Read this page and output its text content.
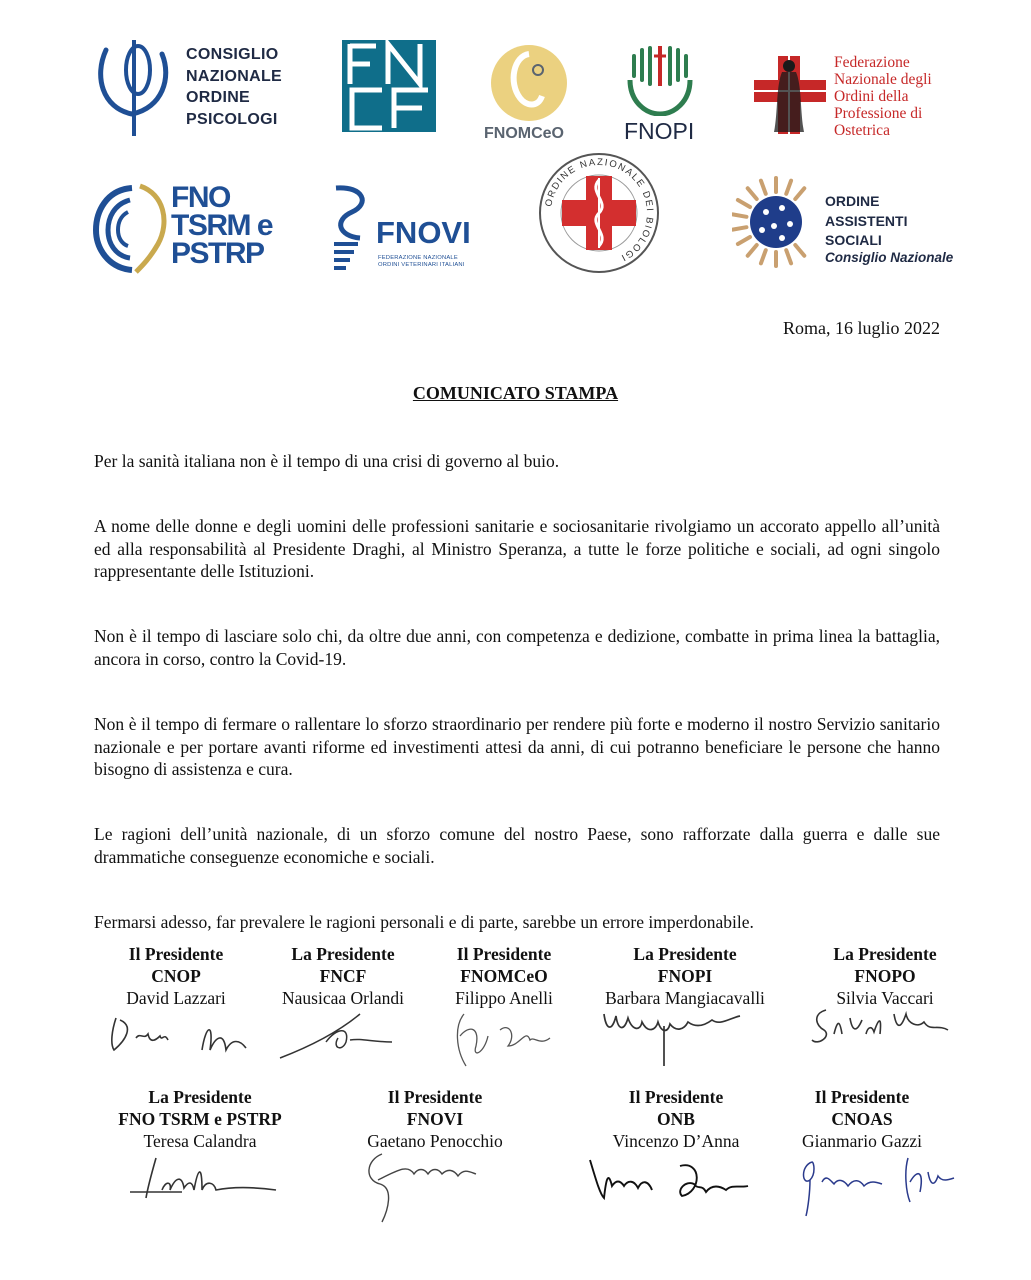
CONSIGLIO
NAZIONALE
ORDINE
PSICOLOGI
FNOMCeO	FNOPI
Federazione
Nazionale degli
Ordini della
Professione di
Ostetrica
FNO
TSRM e
PSTRP
FNOVI
FEDERAZIONE NAZIONALE
ORDINI VETERINARI ITALIANI
ORDINE NAZIONALE DEI BIOLOGI
ORDINE
ASSISTENTI
SOCIALI
Consiglio Nazionale
Roma, 16 luglio 2022
COMUNICATO STAMPA

Per la sanità italiana non è il tempo di una crisi di governo al buio.

A nome delle donne e degli uomini delle professioni sanitarie e sociosanitarie rivolgiamo un accorato appello all’unità ed alla responsabilità al Presidente Draghi, al Ministro Speranza, a tutte le forze politiche e sociali, ad ogni singolo rappresentante delle Istituzioni.

Non è il tempo di lasciare solo chi, da oltre due anni, con competenza e dedizione, combatte in prima linea la battaglia, ancora in corso, contro la Covid-19.

Non è il tempo di fermare o rallentare lo sforzo straordinario per rendere più forte e moderno il nostro Servizio sanitario nazionale e per portare avanti riforme ed investimenti attesi da anni, di cui potranno beneficiare le persone che hanno bisogno di assistenza e cura.

Le ragioni dell’unità nazionale, di un sforzo comune del nostro Paese, sono rafforzate dalla guerra e dalle sue drammatiche conseguenze economiche e sociali.

Fermarsi adesso, far prevalere le ragioni personali e di parte, sarebbe un errore imperdonabile.

Il Presidente
CNOP
David Lazzari
La Presidente
FNCF
Nausicaa Orlandi
Il Presidente
FNOMCeO
Filippo Anelli
La Presidente
FNOPI
Barbara Mangiacavalli
La Presidente
FNOPO
Silvia Vaccari
La Presidente
FNO TSRM e PSTRP
Teresa Calandra
Il Presidente
FNOVI
Gaetano Penocchio
Il Presidente
ONB
Vincenzo D’Anna
Il Presidente
CNOAS
Gianmario Gazzi
